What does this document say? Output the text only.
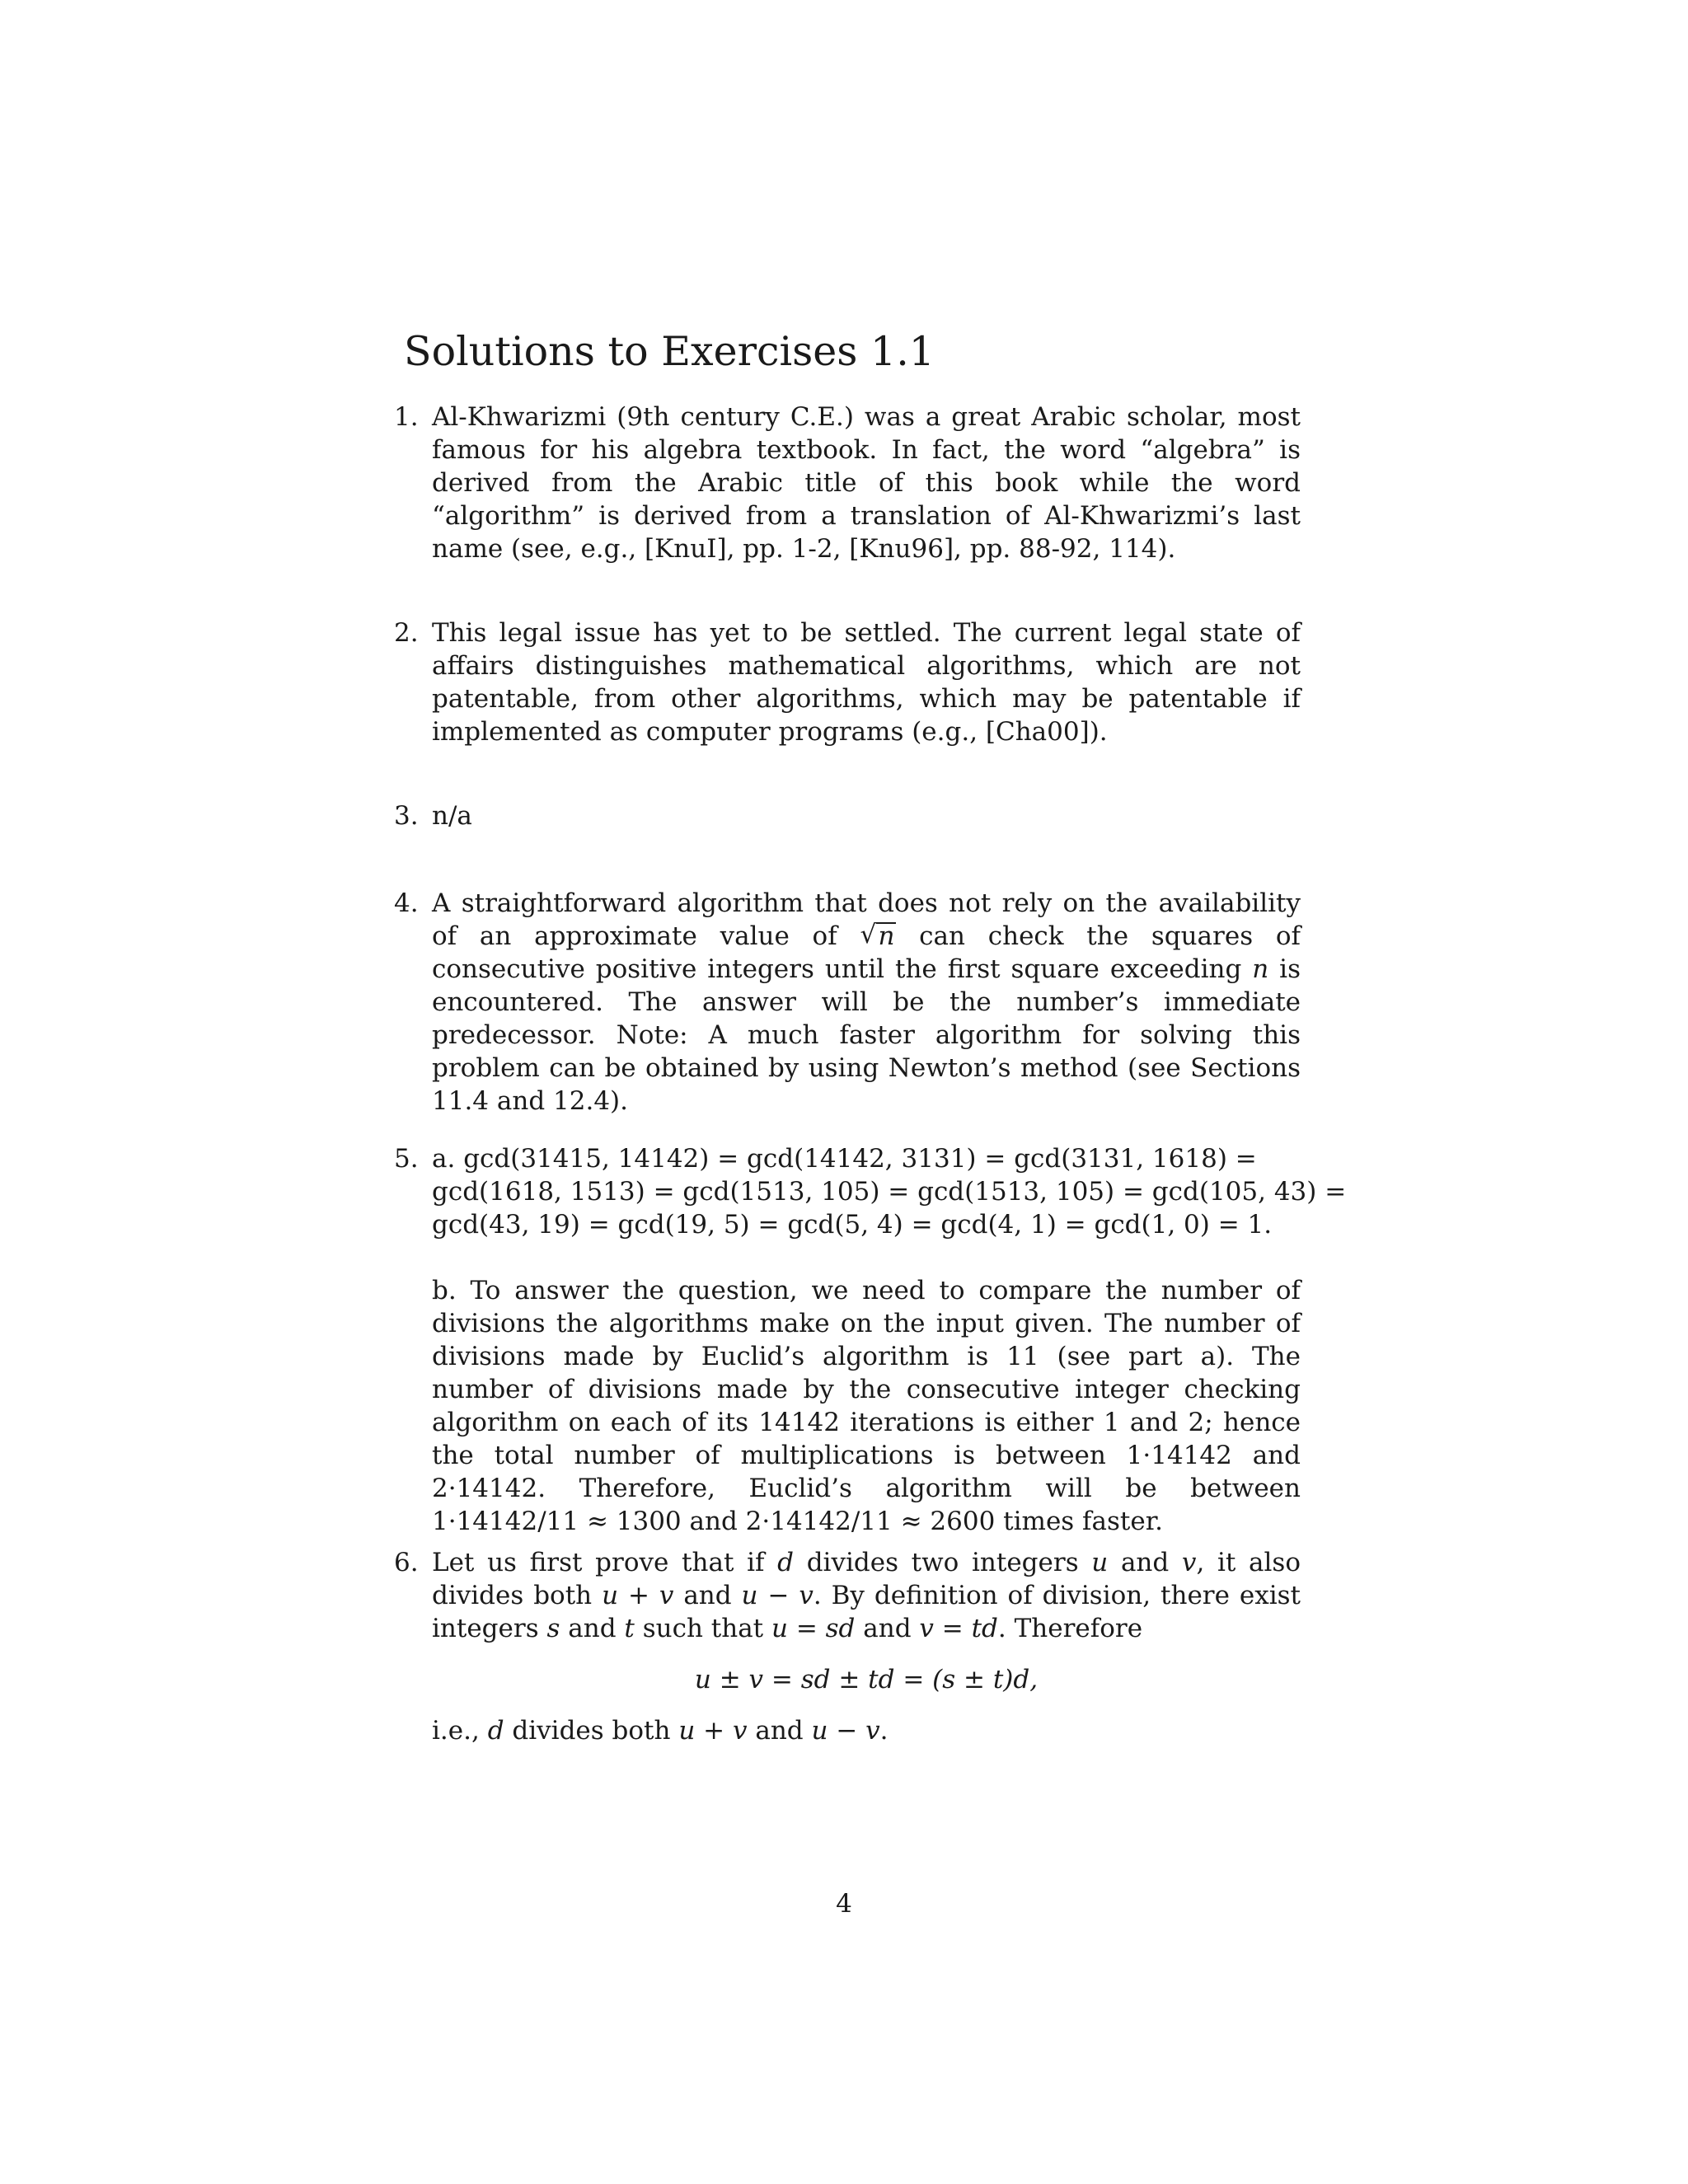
Solutions to Exercises 1.1
1. Al-Khwarizmi (9th century C.E.) was a great Arabic scholar, most famous for his algebra textbook. In fact, the word “algebra” is derived from the Arabic title of this book while the word “algorithm” is derived from a translation of Al-Khwarizmi’s last name (see, e.g., [KnuI], pp. 1-2, [Knu96], pp. 88-92, 114).
2. This legal issue has yet to be settled. The current legal state of affairs distinguishes mathematical algorithms, which are not patentable, from other algorithms, which may be patentable if implemented as computer programs (e.g., [Cha00]).
3. n/a
4. A straightforward algorithm that does not rely on the availability of an approximate value of √ n can check the squares of consecutive positive integers until the first square exceeding n is encountered. The answer will be the number’s immediate predecessor. Note: A much faster algorithm for solving this problem can be obtained by using Newton’s method (see Sections 11.4 and 12.4).
5. a. gcd(31415, 14142) = gcd(14142, 3131) = gcd(3131, 1618) =
gcd(1618, 1513) = gcd(1513, 105) = gcd(1513, 105) = gcd(105, 43) =
gcd(43, 19) = gcd(19, 5) = gcd(5, 4) = gcd(4, 1) = gcd(1, 0) = 1.
b. To answer the question, we need to compare the number of divisions the algorithms make on the input given. The number of divisions made by Euclid’s algorithm is 11 (see part a). The number of divisions made by the consecutive integer checking algorithm on each of its 14142 iterations is either 1 and 2; hence the total number of multiplications is between 1·14142 and 2·14142. Therefore, Euclid’s algorithm will be between 1·14142/11 ≈ 1300 and 2·14142/11 ≈ 2600 times faster.
6. Let us first prove that if d divides two integers u and v, it also divides both u + v and u − v. By definition of division, there exist integers s and t such that u = sd and v = td. Therefore
u ± v = sd ± td = (s ± t)d,
i.e., d divides both u + v and u − v.
4
